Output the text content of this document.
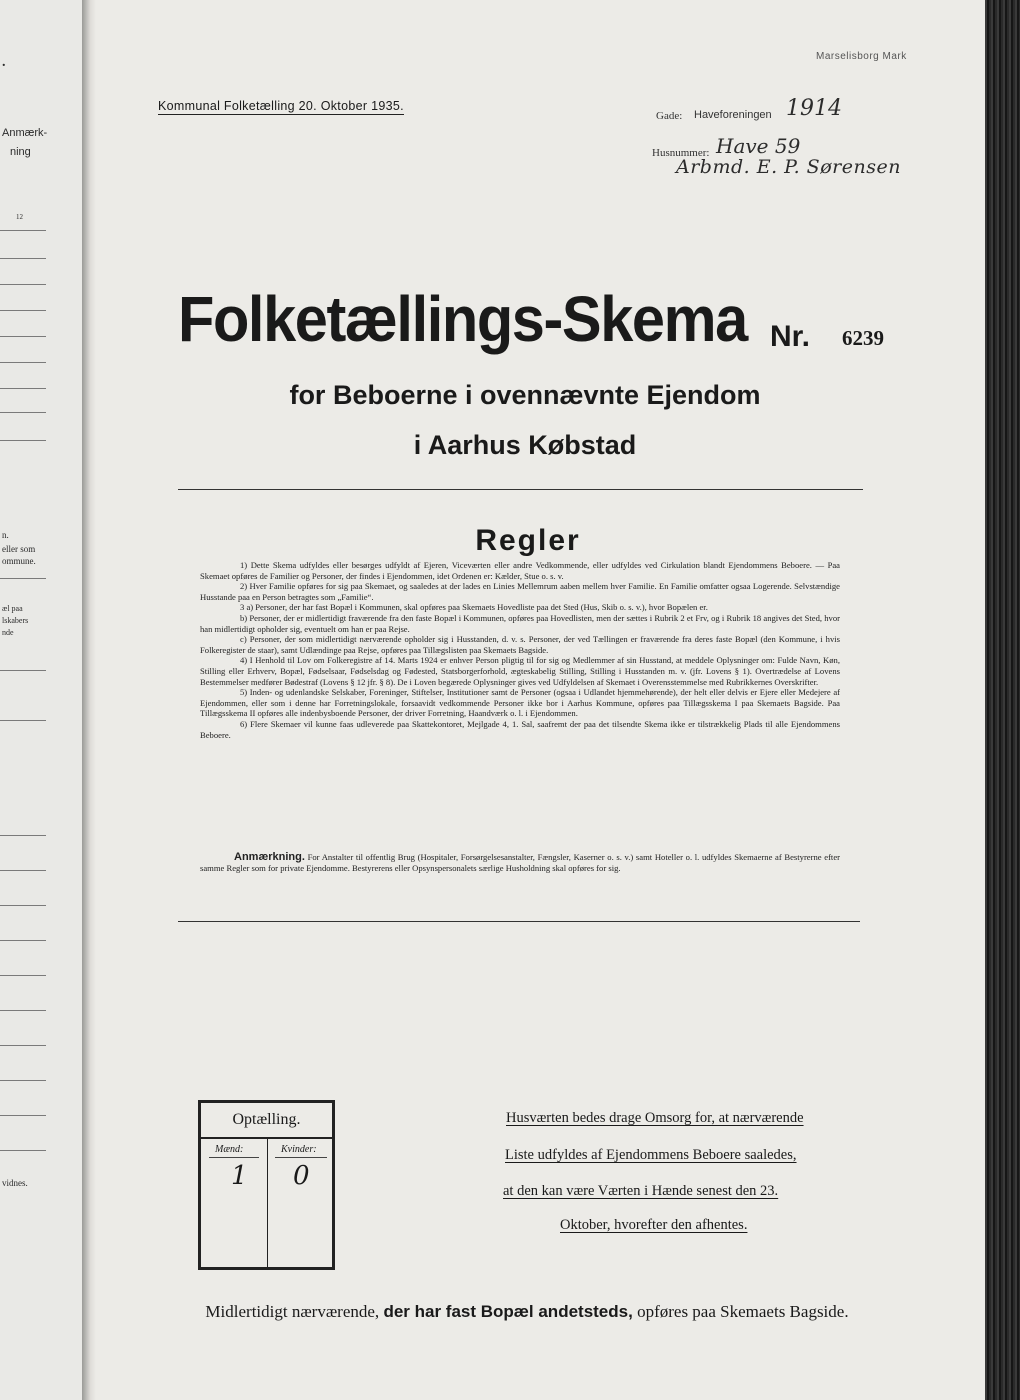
.
Anmærk-
ning
12
n.
eller som
ommune.
æl paa
lskabers
nde
vidnes.
Marselisborg Mark
Kommunal Folketælling 20. Oktober 1935.
Gade: Haveforeningen 1914
Husnummer: Have 59
Arbmd. E. P. Sørensen
Folketællings-Skema Nr. 6239
for Beboerne i ovennævnte Ejendom
i Aarhus Købstad
Regler

1) Dette Skema udfyldes eller besørges udfyldt af Ejeren, Viceværten eller andre Vedkommende, eller udfyldes ved Cirkulation blandt Ejendommens Beboere. — Paa Skemaet opføres de Familier og Personer, der findes i Ejendommen, idet Ordenen er: Kælder, Stue o. s. v.

2) Hver Familie opføres for sig paa Skemaet, og saaledes at der lades en Linies Mellemrum aaben mellem hver Familie. En Familie omfatter ogsaa Logerende. Selvstændige Husstande paa en Person betragtes som „Familie“.

3 a) Personer, der har fast Bopæl i Kommunen, skal opføres paa Skemaets Hovedliste paa det Sted (Hus, Skib o. s. v.), hvor Bopælen er.

b) Personer, der er midlertidigt fraværende fra den faste Bopæl i Kommunen, opføres paa Hovedlisten, men der sættes i Rubrik 2 et Frv, og i Rubrik 18 angives det Sted, hvor han midlertidigt opholder sig, eventuelt om han er paa Rejse.

c) Personer, der som midlertidigt nærværende opholder sig i Husstanden, d. v. s. Personer, der ved Tællingen er fraværende fra deres faste Bopæl (den Kommune, i hvis Folkeregister de staar), samt Udlændinge paa Rejse, opføres paa Tillægslisten paa Skemaets Bagside.

4) I Henhold til Lov om Folkeregistre af 14. Marts 1924 er enhver Person pligtig til for sig og Medlemmer af sin Husstand, at meddele Oplysninger om: Fulde Navn, Køn, Stilling eller Erhverv, Bopæl, Fødselsaar, Fødselsdag og Fødested, Statsborgerforhold, ægteskabelig Stilling, Stilling i Husstanden m. v. (jfr. Lovens § 1). Overtrædelse af Lovens Bestemmelser medfører Bødestraf (Lovens § 12 jfr. § 8). De i Loven begærede Oplysninger gives ved Udfyldelsen af Skemaet i Overensstemmelse med Rubrikkernes Overskrifter.

5) Inden- og udenlandske Selskaber, Foreninger, Stiftelser, Institutioner samt de Personer (ogsaa i Udlandet hjemmehørende), der helt eller delvis er Ejere eller Medejere af Ejendommen, eller som i denne har Forretningslokale, forsaavidt vedkommende Personer ikke bor i Aarhus Kommune, opføres paa Tillægsskema I paa Skemaets Bagside. Paa Tillægsskema II opføres alle indenbysboende Personer, der driver Forretning, Haandværk o. l. i Ejendommen.

6) Flere Skemaer vil kunne faas udleverede paa Skattekontoret, Mejlgade 4, 1. Sal, saafremt der paa det tilsendte Skema ikke er tilstrækkelig Plads til alle Ejendommens Beboere.

Anmærkning. For Anstalter til offentlig Brug (Hospitaler, Forsørgelsesanstalter, Fængsler, Kaserner o. s. v.) samt Hoteller o. l. udfyldes Skemaerne af Bestyrerne efter samme Regler som for private Ejendomme. Bestyrerens eller Opsynspersonalets særlige Husholdning skal opføres for sig.
Optælling.
Mænd:	Kvinder:
1 0
Husværten bedes drage Omsorg for, at nærværende
Liste udfyldes af Ejendommens Beboere saaledes,
at den kan være Værten i Hænde senest den 23.
Oktober, hvorefter den afhentes.
Midlertidigt nærværende, der har fast Bopæl andetsteds, opføres paa Skemaets Bagside.
